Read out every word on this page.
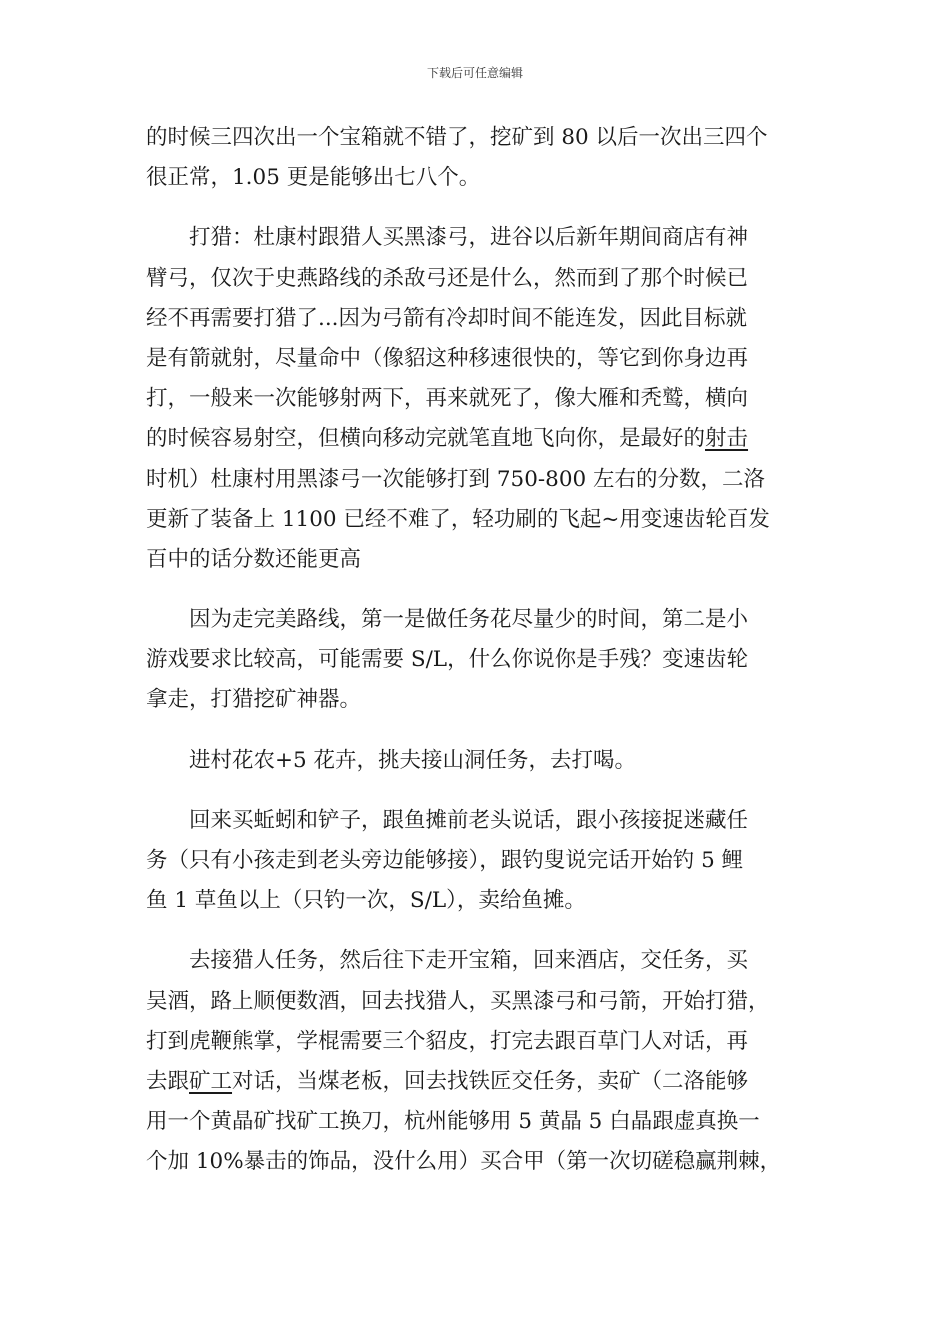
下载后可任意编辑
的时候三四次出一个宝箱就不错了，挖矿到 80 以后一次出三四个
很正常，1.05 更是能够出七八个。
　　打猎：杜康村跟猎人买黑漆弓，进谷以后新年期间商店有神
臂弓，仅次于史燕路线的杀敌弓还是什么，然而到了那个时候已
经不再需要打猎了...因为弓箭有冷却时间不能连发，因此目标就
是有箭就射，尽量命中（像貂这种移速很快的，等它到你身边再
打，一般来一次能够射两下，再来就死了，像大雁和秃鹫，横向
的时候容易射空，但横向移动完就笔直地飞向你，是最好的射击
时机）杜康村用黑漆弓一次能够打到 750-800 左右的分数，二洛
更新了装备上 1100 已经不难了，轻功刷的飞起~用变速齿轮百发
百中的话分数还能更高
　　因为走完美路线，第一是做任务花尽量少的时间，第二是小
游戏要求比较高，可能需要 S/L，什么你说你是手残？变速齿轮
拿走，打猎挖矿神器。
　　进村花农+5 花卉，挑夫接山洞任务，去打喝。
　　回来买蚯蚓和铲子，跟鱼摊前老头说话，跟小孩接捉迷藏任
务（只有小孩走到老头旁边能够接），跟钓叟说完话开始钓 5 鲤
鱼 1 草鱼以上（只钓一次，S/L），卖给鱼摊。
　　去接猎人任务，然后往下走开宝箱，回来酒店，交任务，买
吴酒，路上顺便数酒，回去找猎人，买黑漆弓和弓箭，开始打猎，
打到虎鞭熊掌，学棍需要三个貂皮，打完去跟百草门人对话，再
去跟矿工对话，当煤老板，回去找铁匠交任务，卖矿（二洛能够
用一个黄晶矿找矿工换刀，杭州能够用 5 黄晶 5 白晶跟虚真换一
个加 10%暴击的饰品，没什么用）买合甲（第一次切磋稳赢荆棘，
